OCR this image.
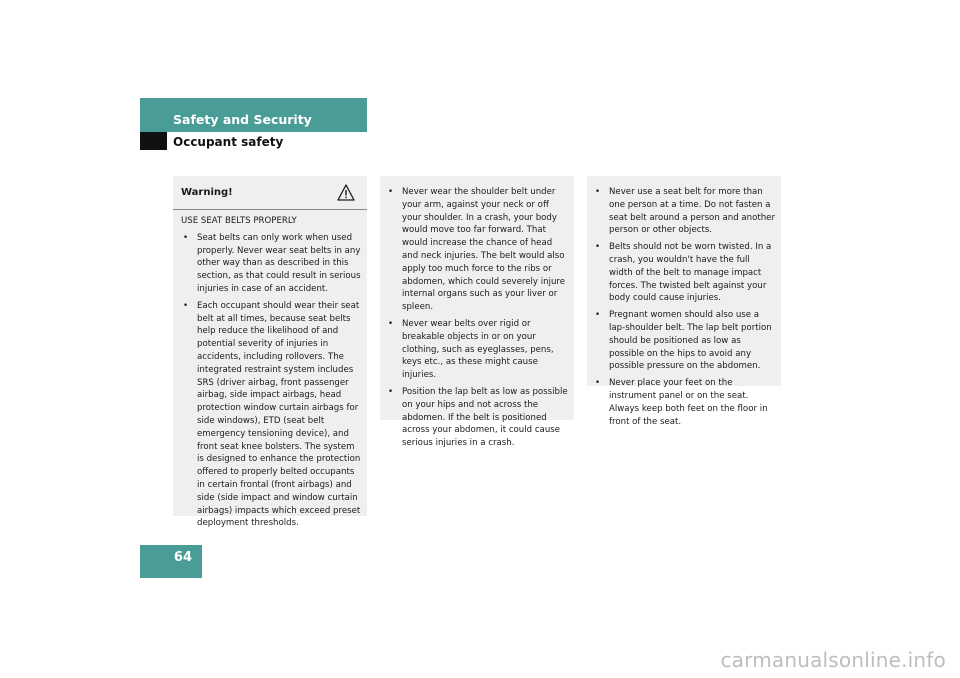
Safety and Security
Occupant safety
Warning!
USE SEAT BELTS PROPERLY
• Seat belts can only work when used properly. Never wear seat belts in any other way than as described in this section, as that could result in serious injuries in case of an accident.
• Each occupant should wear their seat belt at all times, because seat belts help reduce the likelihood of and potential severity of injuries in accidents, including rollovers. The integrated restraint system includes SRS (driver airbag, front passenger airbag, side impact airbags, head protection window curtain airbags for side windows), ETD (seat belt emergency tensioning device), and front seat knee bolsters. The system is designed to enhance the protection offered to properly belted occupants in certain frontal (front airbags) and side (side impact and window curtain airbags) impacts which exceed preset deployment thresholds.
• Never wear the shoulder belt under your arm, against your neck or off your shoulder. In a crash, your body would move too far forward. That would increase the chance of head and neck injuries. The belt would also apply too much force to the ribs or abdomen, which could severely injure internal organs such as your liver or spleen.
• Never wear belts over rigid or breakable objects in or on your clothing, such as eyeglasses, pens, keys etc., as these might cause injuries.
• Position the lap belt as low as possible on your hips and not across the abdomen. If the belt is positioned across your abdomen, it could cause serious injuries in a crash.
• Never use a seat belt for more than one person at a time. Do not fasten a seat belt around a person and another person or other objects.
• Belts should not be worn twisted. In a crash, you wouldn't have the full width of the belt to manage impact forces. The twisted belt against your body could cause injuries.
• Pregnant women should also use a lap-shoulder belt. The lap belt portion should be positioned as low as possible on the hips to avoid any possible pressure on the abdomen.
• Never place your feet on the instrument panel or on the seat. Always keep both feet on the floor in front of the seat.
64
carmanualsonline.info
